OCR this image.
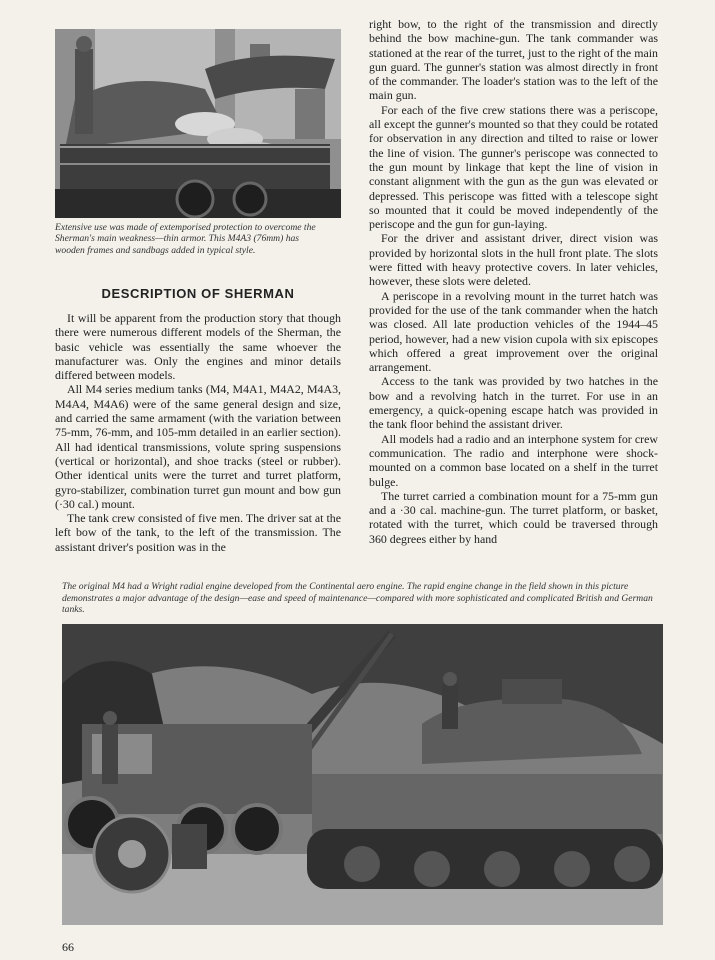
Extensive use was made of extemporised protection to overcome the Sherman's main weakness—thin armor. This M4A3 (76mm) has wooden frames and sandbags added in typical style.

DESCRIPTION OF SHERMAN

It will be apparent from the production story that though there were numerous different models of the Sherman, the basic vehicle was essentially the same whoever the manufacturer was. Only the engines and minor details differed between models.

All M4 series medium tanks (M4, M4A1, M4A2, M4A3, M4A4, M4A6) were of the same general design and size, and carried the same armament (with the variation between 75-mm, 76-mm, and 105-mm detailed in an earlier section). All had identical transmissions, volute spring suspensions (vertical or horizontal), and shoe tracks (steel or rubber). Other identical units were the turret and turret platform, gyro-stabilizer, combination turret gun mount and bow gun (·30 cal.) mount.

The tank crew consisted of five men. The driver sat at the left bow of the tank, to the left of the transmission. The assistant driver's position was in the

right bow, to the right of the transmission and directly behind the bow machine-gun. The tank commander was stationed at the rear of the turret, just to the right of the main gun guard. The gunner's station was almost directly in front of the commander. The loader's station was to the left of the main gun.

For each of the five crew stations there was a periscope, all except the gunner's mounted so that they could be rotated for observation in any direction and tilted to raise or lower the line of vision. The gunner's periscope was connected to the gun mount by linkage that kept the line of vision in constant alignment with the gun as the gun was elevated or depressed. This periscope was fitted with a telescope sight so mounted that it could be moved independently of the periscope and the gun for gun-laying.

For the driver and assistant driver, direct vision was provided by horizontal slots in the hull front plate. The slots were fitted with heavy protective covers. In later vehicles, however, these slots were deleted.

A periscope in a revolving mount in the turret hatch was provided for the use of the tank commander when the hatch was closed. All late production vehicles of the 1944–45 period, however, had a new vision cupola with six episcopes which offered a great improvement over the original arrangement.

Access to the tank was provided by two hatches in the bow and a revolving hatch in the turret. For use in an emergency, a quick-opening escape hatch was provided in the tank floor behind the assistant driver.

All models had a radio and an interphone system for crew communication. The radio and interphone were shock-mounted on a common base located on a shelf in the turret bulge.

The turret carried a combination mount for a 75-mm gun and a ·30 cal. machine-gun. The turret platform, or basket, rotated with the turret, which could be traversed through 360 degrees either by hand

The original M4 had a Wright radial engine developed from the Continental aero engine. The rapid engine change in the field shown in this picture demonstrates a major advantage of the design—ease and speed of maintenance—compared with more sophisticated and complicated British and German tanks.

66
